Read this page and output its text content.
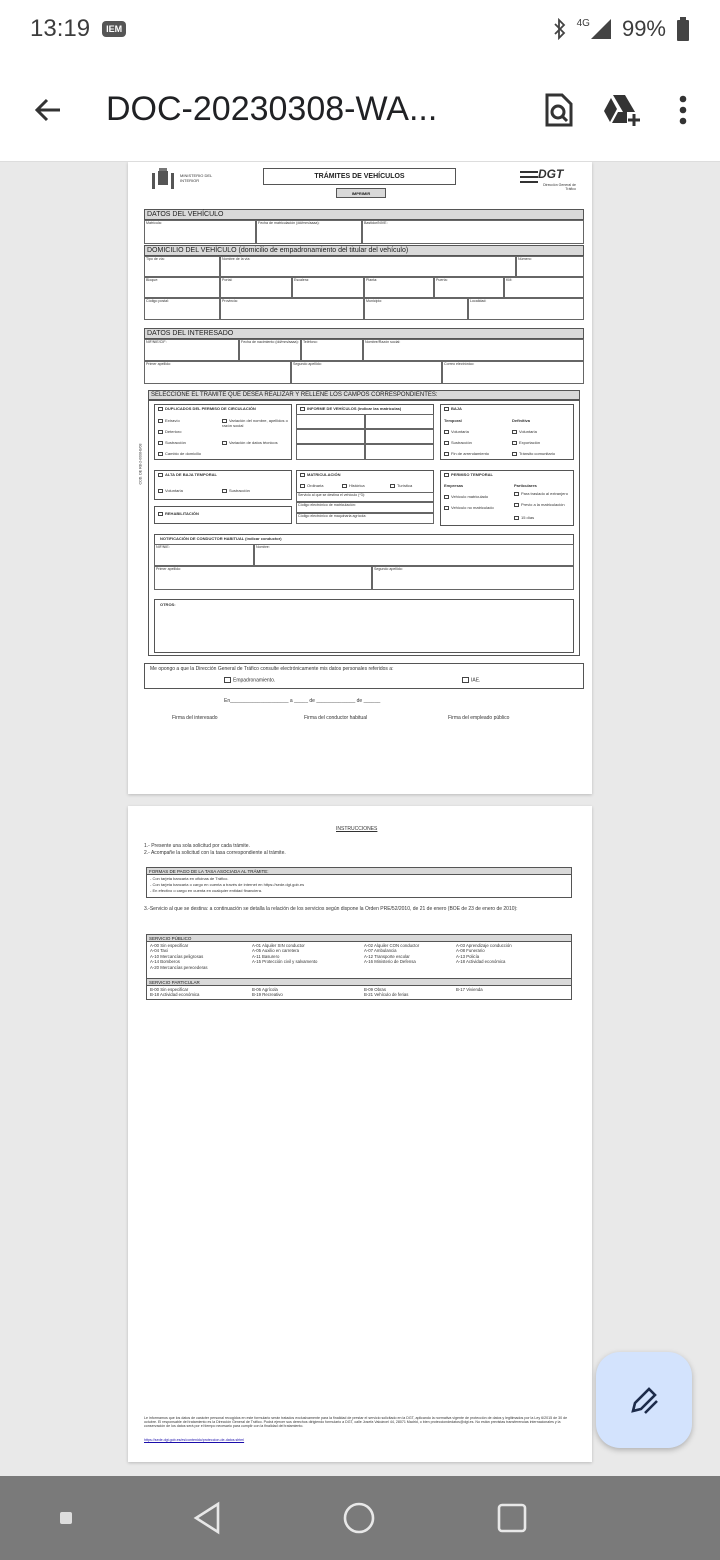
13:19	IEM
4G 99%
DOC-20230308-WA...
MINISTERIO DEL INTERIOR
TRÁMITES DE VEHÍCULOS
IMPRIMIR
DGT
Dirección General de Tráfico
COD. DE RB-2-0008-B/08
DATOS DEL VEHÍCULO
Matrícula:	Fecha de matriculación (dd/mm/aaaa):	Bastidor/NIVE:
DOMICILIO DEL VEHÍCULO (domicilio de empadronamiento del titular del vehículo)
Tipo de vía:	Nombre de la vía:	Número:
Bloque:	Portal:	Escalera:	Planta:	Puerta:	KM:
Código postal:	Provincia:	Municipio:	Localidad:
DATOS DEL INTERESADO
NIF/NIE/CIF:	Fecha de nacimiento (dd/mm/aaaa):	Teléfono:	Nombre/Razón social:
Primer apellido:	Segundo apellido:	Correo electrónico:
SELECCIONE EL TRÁMITE QUE DESEA REALIZAR Y RELLENE LOS CAMPOS CORRESPONDIENTES:
DUPLICADOS DEL PERMISO DE CIRCULACIÓN
Extravío
Deterioro
Sustracción
Cambio de domicilio
Variación del nombre, apellidos o razón social
Variación de datos técnicos
INFORME DE VEHÍCULOS (indicar las matrículas)	BAJA
Temporal	Definitiva
Voluntaria
Sustracción
Fin de arrendamiento
Voluntaria
Exportación
Tránsito comunitario
ALTA DE BAJA TEMPORAL
Voluntaria	Sustracción
REHABILITACIÓN
MATRICULACIÓN
Ordinaria	Histórica	Turística
Servicio al que se destina el vehículo (*3):
Código electrónico de matriculación:
Código electrónico de maquinaria agrícola:
PERMISO TEMPORAL
Empresas	Particulares
Vehículo matriculado
Vehículo no matriculado
Para traslado al extranjero
Previo a la matriculación
15 días
NOTIFICACIÓN DE CONDUCTOR HABITUAL (indicar conductor)
NIF/NIE:	Nombre:
Primer apellido:	Segundo apellido:
OTROS:
Me opongo a que la Dirección General de Tráfico consulte electrónicamente mis datos personales referidos a:
Empadronamiento.	IAE.
En_____________________ a _____ de ______________ de ______
Firma del interesado	Firma del conductor habitual	Firma del empleado público
INSTRUCCIONES
1.- Presente una sola solicitud por cada trámite.
2.- Acompañe la solicitud con la tasa correspondiente al trámite.
FORMAS DE PAGO DE LA TASA ASOCIADA AL TRÁMITE:
- Con tarjeta bancaria en oficinas de Tráfico.
- Con tarjeta bancaria o cargo en cuenta a través de internet en https://sede.dgt.gob.es
- En efectivo o cargo en cuenta en cualquier entidad financiera.
3.-Servicio al que se destina: a continuación se detalla la relación de los servicios según dispone la Orden PRE/52/2010, de 21 de enero (BOE de 23 de enero de 2010):
SERVICIO PÚBLICO
A-00 Sin especificar	A-01 Alquiler SIN conductor	A-02 Alquiler CON conductor	A-03 Aprendizaje conducción
A-04 Taxi	A-05 Auxilio en carretera	A-07 Ambulancia	A-08 Funerario
A-10 Mercancías peligrosas	A-11 Basurero	A-12 Transporte escolar	A-13 Policía
A-14 Bomberos	A-15 Protección civil y salvamento	A-16 Ministerio de Defensa	A-18 Actividad económica
A-20 Mercancías perecederas
SERVICIO PARTICULAR
B-00 Sin especificar	B-06 Agrícola	B-09 Obras	B-17 Vivienda
B-18 Actividad económica	B-19 Recreativo	B-21 Vehículo de ferias
Le informamos que los datos de carácter personal recogidos en este formulario serán tratados exclusivamente para la finalidad de prestar el servicio solicitado en la DGT, aplicando la normativa vigente de protección de datos y legitimados por la Ley 6/2015 de 30 de octubre. El responsable del tratamiento es la Dirección General de Tráfico. Podrá ejercer sus derechos dirigiendo formulario a DGT, calle Josefa Valcárcel 44, 28071 Madrid, o bien protecciondedatos@dgt.es. No están previstas transferencias internacionales y la conservación de los datos será por el tiempo necesario para cumplir con la finalidad del tratamiento.
https://sede.dgt.gob.es/es/contenido/proteccion-de-datos.shtml
